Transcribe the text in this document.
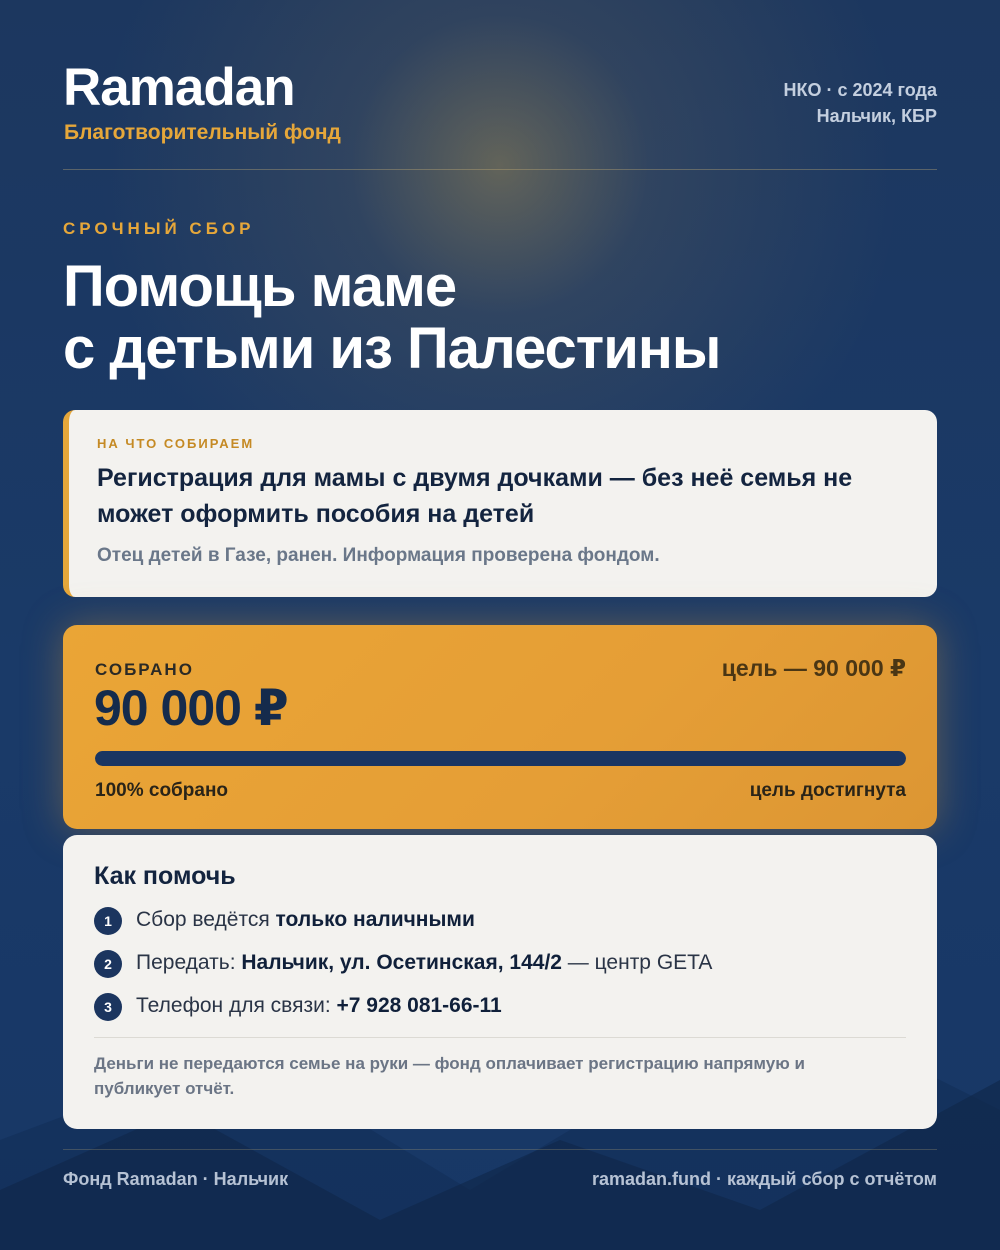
Ramadan
Благотворительный фонд
НКО · с 2024 года
Нальчик, КБР
СРОЧНЫЙ СБОР
Помощь маме
с детьми из Палестины
НА ЧТО СОБИРАЕМ
Регистрация для мамы с двумя дочками — без неё семья не может оформить пособия на детей
Отец детей в Газе, ранен. Информация проверена фондом.
СОБРАНО
90 000 ₽
цель — 90 000 ₽
100% собрано	цель достигнута
Как помочь
1	Сбор ведётся только наличными
2	Передать: Нальчик, ул. Осетинская, 144/2 — центр GETA
3	Телефон для связи: +7 928 081-66-11
Деньги не передаются семье на руки — фонд оплачивает регистрацию напрямую и публикует отчёт.
Фонд Ramadan · Нальчик	ramadan.fund · каждый сбор с отчётом
